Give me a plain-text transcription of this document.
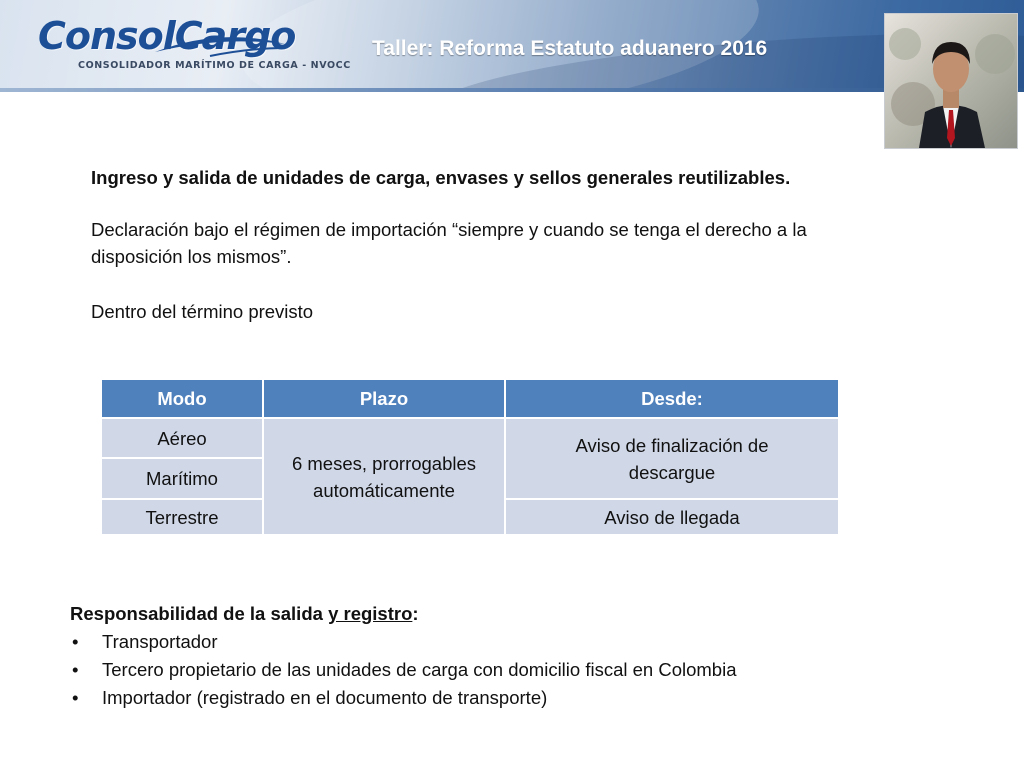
ConsolCargo
CONSOLIDADOR MARÍTIMO DE CARGA - NVOCC
Taller: Reforma Estatuto aduanero 2016
Ingreso y salida de unidades de carga, envases y sellos generales reutilizables.
Declaración bajo el régimen de importación “siempre y cuando se tenga el derecho a la disposición los mismos”.
Dentro del término previsto
Modo	Plazo	Desde:
Aéreo	6 meses, prorrogables automáticamente	Aviso de finalización de descargue

Marítimo		
Terrestre		Aviso de llegada
Responsabilidad de la salida y registro:
• Transportador
• Tercero propietario de las unidades de carga con domicilio fiscal en Colombia
• Importador (registrado en el documento de transporte)
